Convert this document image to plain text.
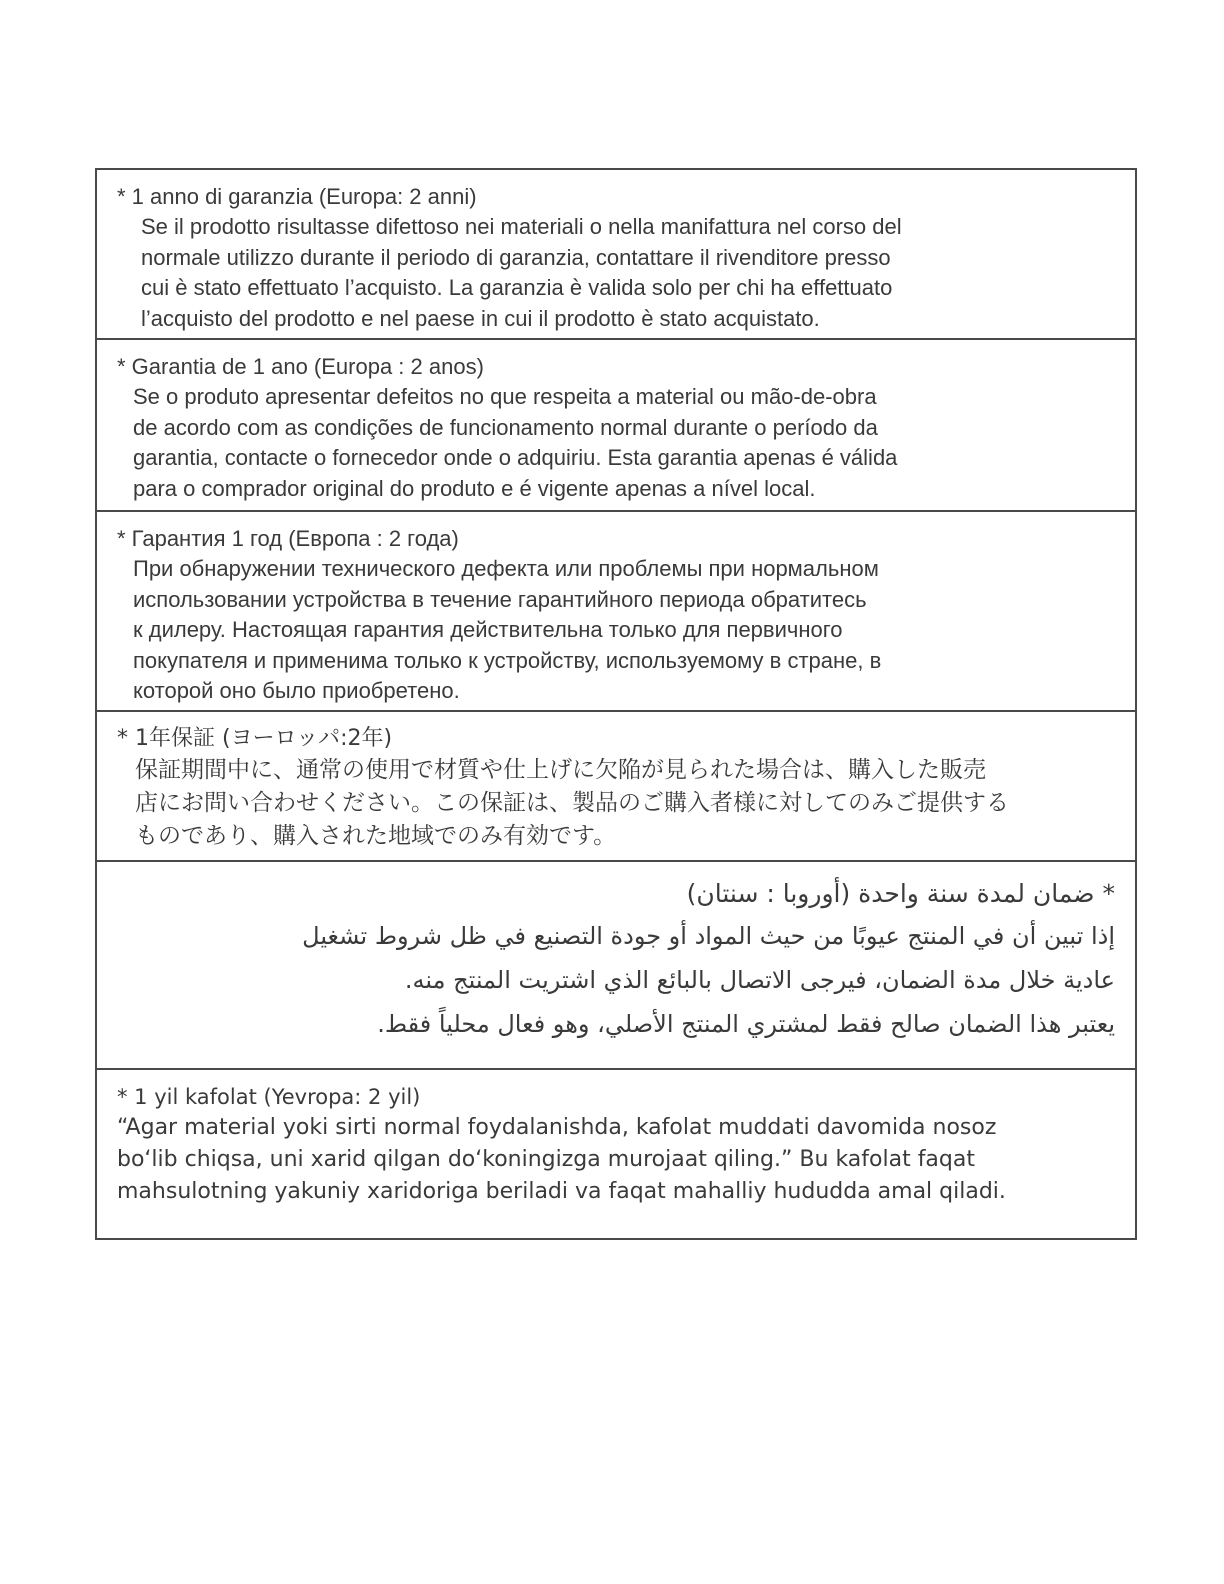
* 1 anno di garanzia (Europa: 2 anni)
Se il prodotto risultasse difettoso nei materiali o nella manifattura nel corso del
normale utilizzo durante il periodo di garanzia, contattare il rivenditore presso
cui è stato effettuato l’acquisto. La garanzia è valida solo per chi ha effettuato
l’acquisto del prodotto e nel paese in cui il prodotto è stato acquistato.
* Garantia de 1 ano (Europa : 2 anos)
Se o produto apresentar defeitos no que respeita a material ou mão-de-obra
de acordo com as condições de funcionamento normal durante o período da
garantia, contacte o fornecedor onde o adquiriu. Esta garantia apenas é válida
para o comprador original do produto e é vigente apenas a nível local.
* Гарантия 1 год (Европа : 2 года)
При обнаружении технического дефекта или проблемы при нормальном
использовании устройства в течение гарантийного периода обратитесь
к дилеру. Настоящая гарантия действительна только для первичного
покупателя и применима только к устройству, используемому в стране, в
которой оно было приобретено.
* 1年保証 (ヨーロッパ:2年)
保証期間中に、通常の使用で材質や仕上げに欠陥が見られた場合は、購入した販売
店にお問い合わせください。この保証は、製品のご購入者様に対してのみご提供する
ものであり、購入された地域でのみ有効です。
* ضمان لمدة سنة واحدة (أوروبا : سنتان)
إذا تبين أن في المنتج عيوبًا من حيث المواد أو جودة التصنيع في ظل شروط تشغيل
عادية خلال مدة الضمان، فيرجى الاتصال بالبائع الذي اشتريت المنتج منه.
يعتبر هذا الضمان صالح فقط لمشتري المنتج الأصلي، وهو فعال محلياً فقط.
* 1 yil kafolat (Yevropa: 2 yil)
“Agar material yoki sirti normal foydalanishda, kafolat muddati davomida nosoz
bo‘lib chiqsa, uni xarid qilgan do‘koningizga murojaat qiling.” Bu kafolat faqat
mahsulotning yakuniy xaridoriga beriladi va faqat mahalliy hududda amal qiladi.
